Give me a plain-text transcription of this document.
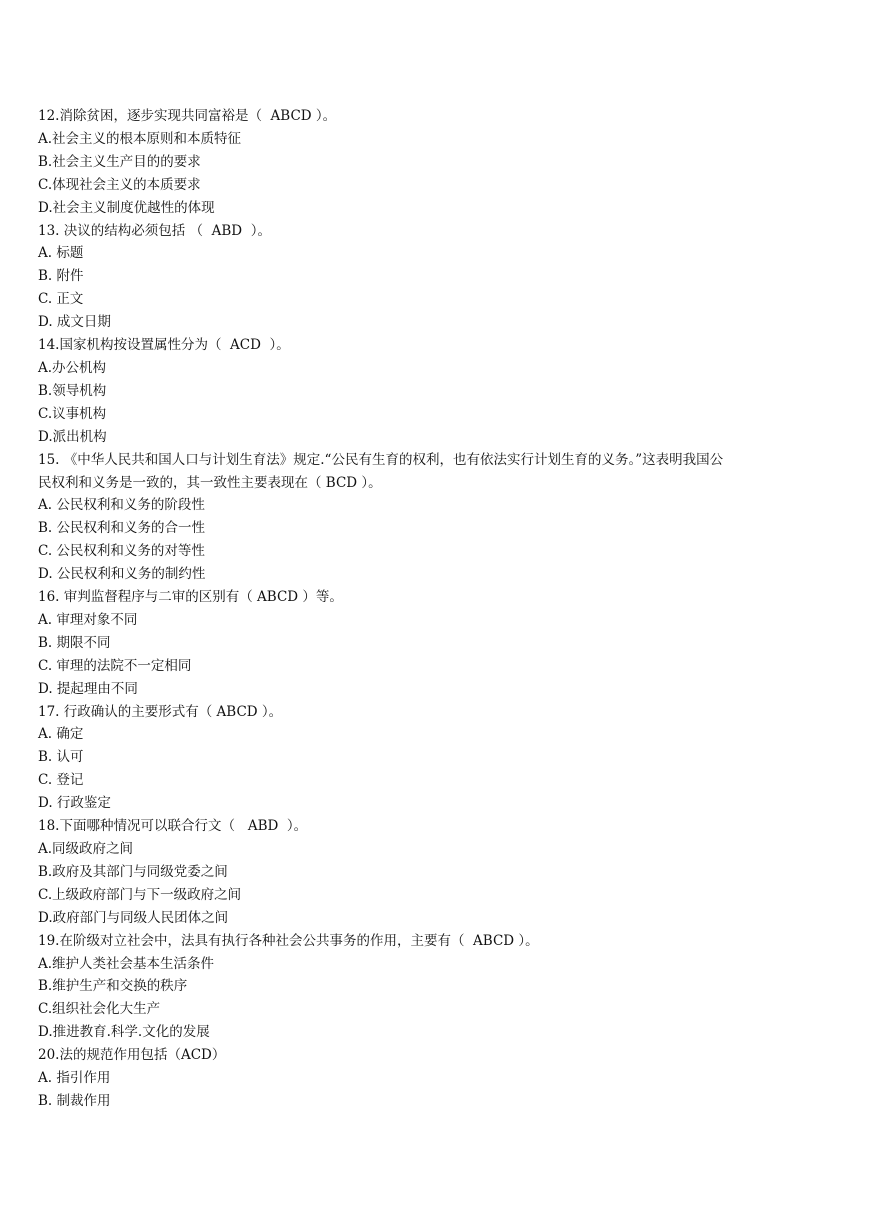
12.消除贫困，逐步实现共同富裕是（  ABCD ）。

A.社会主义的根本原则和本质特征

B.社会主义生产目的的要求

C.体现社会主义的本质要求

D.社会主义制度优越性的体现

13. 决议的结构必须包括 （  ABD  ）。

A. 标题

B. 附件

C. 正文

D. 成文日期

14.国家机构按设置属性分为（  ACD  ）。

A.办公机构

B.领导机构

C.议事机构

D.派出机构

15. 《中华人民共和国人口与计划生育法》规定.“公民有生育的权利，也有依法实行计划生育的义务。”这表明我国公

民权利和义务是一致的，其一致性主要表现在（ BCD ）。

A. 公民权利和义务的阶段性

B. 公民权利和义务的合一性

C. 公民权利和义务的对等性

D. 公民权利和义务的制约性

16. 审判监督程序与二审的区别有（ ABCD ）等。

A. 审理对象不同

B. 期限不同

C. 审理的法院不一定相同

D. 提起理由不同

17. 行政确认的主要形式有（ ABCD ）。

A. 确定

B. 认可

C. 登记

D. 行政鉴定

18.下面哪种情况可以联合行文（   ABD  ）。

A.同级政府之间

B.政府及其部门与同级党委之间

C.上级政府部门与下一级政府之间

D.政府部门与同级人民团体之间

19.在阶级对立社会中，法具有执行各种社会公共事务的作用，主要有（  ABCD ）。

A.维护人类社会基本生活条件

B.维护生产和交换的秩序

C.组织社会化大生产

D.推进教育.科学.文化的发展

20.法的规范作用包括（ACD）

A. 指引作用

B. 制裁作用
